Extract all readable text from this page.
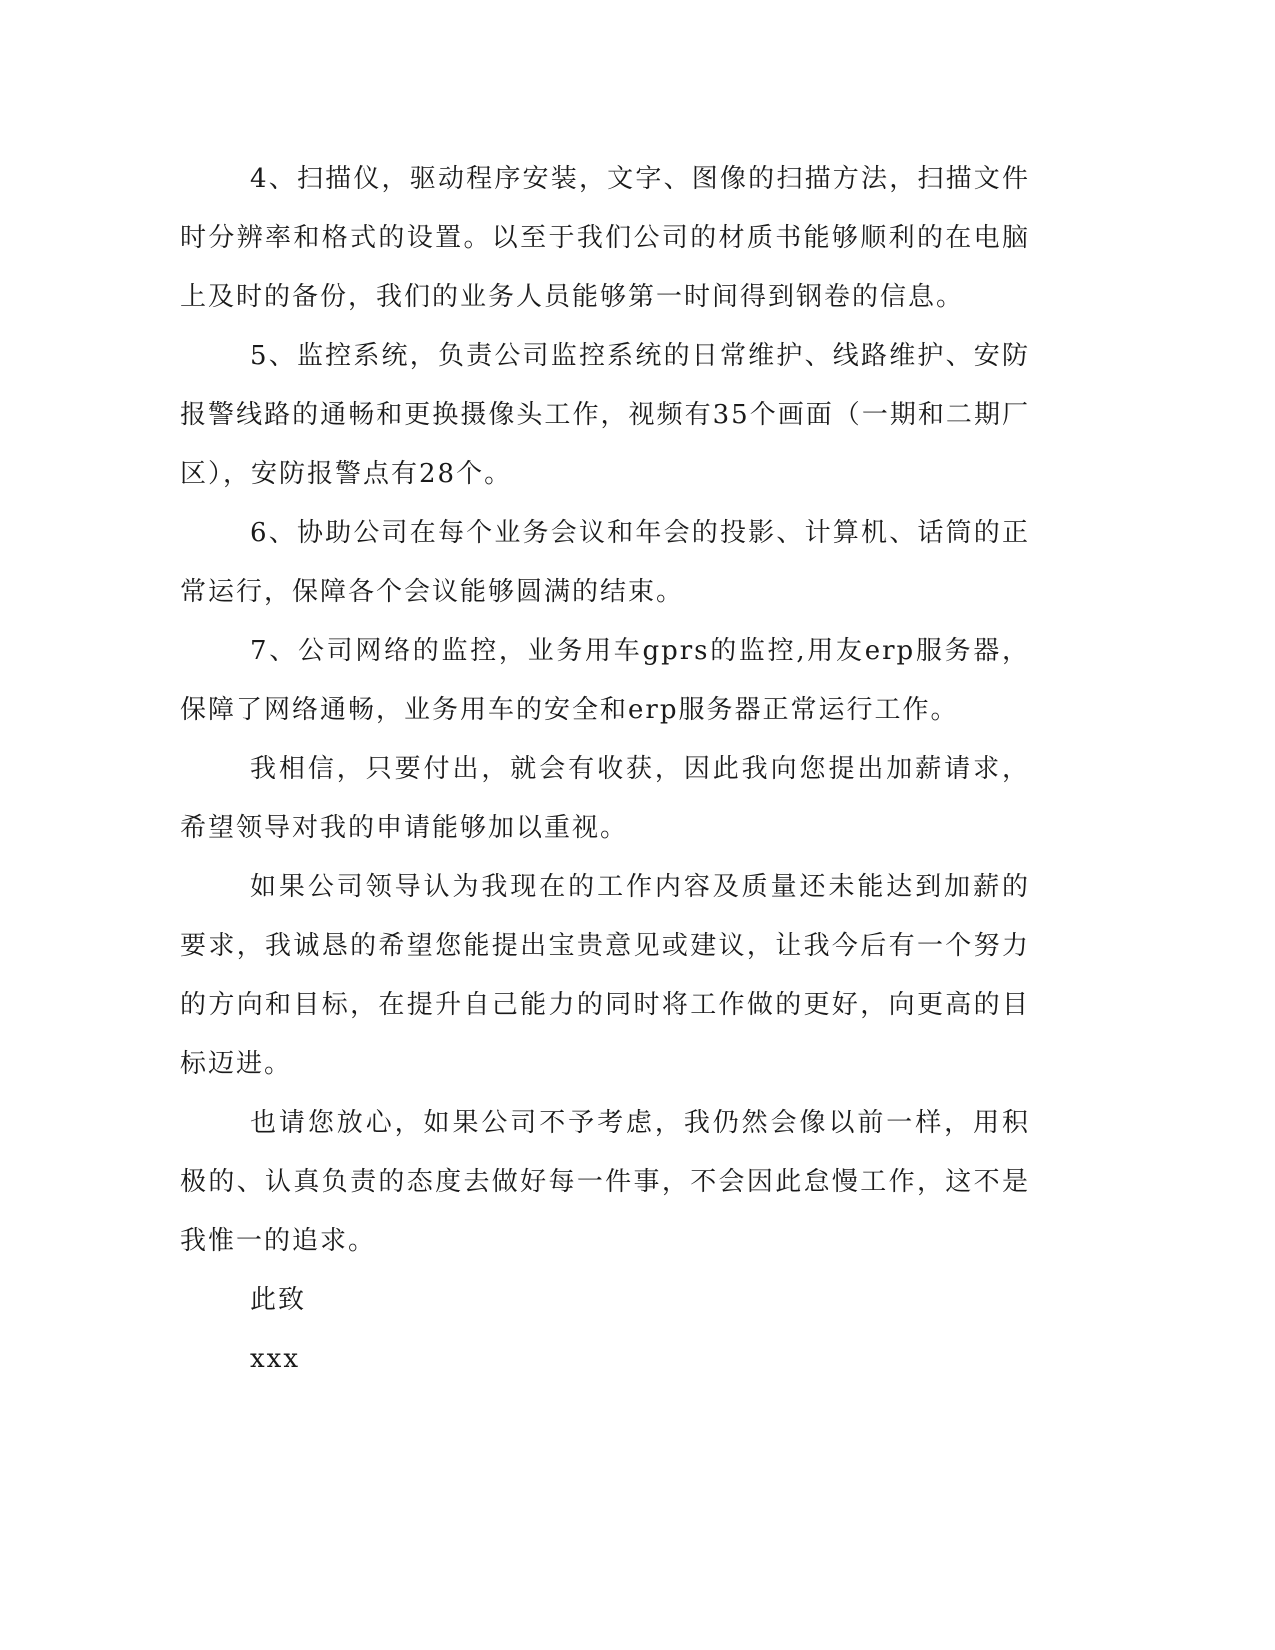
4、扫描仪，驱动程序安装，文字、图像的扫描方法，扫描文件时分辨率和格式的设置。以至于我们公司的材质书能够顺利的在电脑上及时的备份，我们的业务人员能够第一时间得到钢卷的信息。

5、监控系统，负责公司监控系统的日常维护、线路维护、安防报警线路的通畅和更换摄像头工作，视频有35个画面（一期和二期厂区），安防报警点有28个。

6、协助公司在每个业务会议和年会的投影、计算机、话筒的正常运行，保障各个会议能够圆满的结束。

7、公司网络的监控，业务用车gprs的监控,用友erp服务器，保障了网络通畅，业务用车的安全和erp服务器正常运行工作。

我相信，只要付出，就会有收获，因此我向您提出加薪请求，希望领导对我的申请能够加以重视。

如果公司领导认为我现在的工作内容及质量还未能达到加薪的要求，我诚恳的希望您能提出宝贵意见或建议，让我今后有一个努力的方向和目标，在提升自己能力的同时将工作做的更好，向更高的目标迈进。

也请您放心，如果公司不予考虑，我仍然会像以前一样，用积极的、认真负责的态度去做好每一件事，不会因此怠慢工作，这不是我惟一的追求。

此致

xxx
